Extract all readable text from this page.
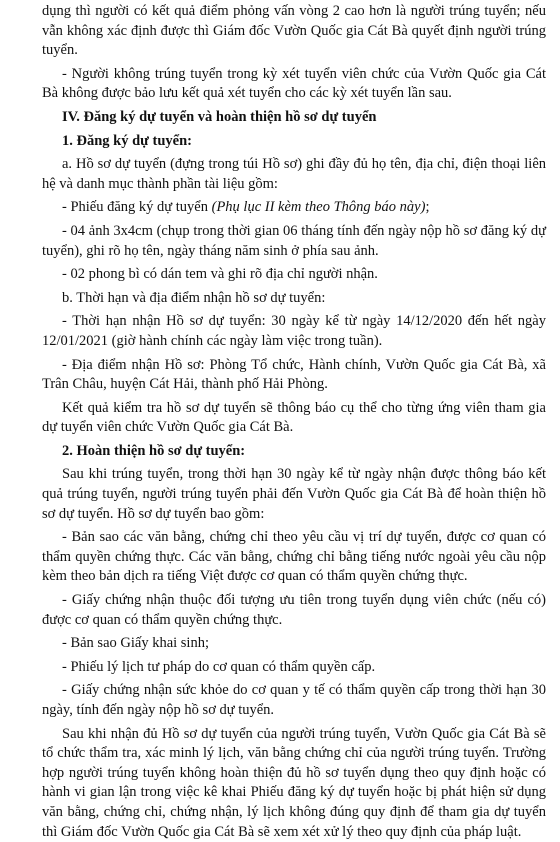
dụng thì người có kết quả điểm phỏng vấn vòng 2 cao hơn là người trúng tuyển; nếu vẫn không xác định được thì Giám đốc Vườn Quốc gia Cát Bà quyết định người trúng tuyển.

- Người không trúng tuyển trong kỳ xét tuyển viên chức của Vườn Quốc gia Cát Bà không được bảo lưu kết quả xét tuyển cho các kỳ xét tuyển lần sau.

IV. Đăng ký dự tuyển và hoàn thiện hồ sơ dự tuyển

1. Đăng ký dự tuyển:

a. Hồ sơ dự tuyển (đựng trong túi Hồ sơ) ghi đầy đủ họ tên, địa chỉ, điện thoại liên hệ và danh mục thành phần tài liệu gồm:

- Phiếu đăng ký dự tuyển (Phụ lục II kèm theo Thông báo này);

- 04 ảnh 3x4cm (chụp trong thời gian 06 tháng tính đến ngày nộp hồ sơ đăng ký dự tuyển), ghi rõ họ tên, ngày tháng năm sinh ở phía sau ảnh.

- 02 phong bì có dán tem và ghi rõ địa chỉ người nhận.

b. Thời hạn và địa điểm nhận hồ sơ dự tuyển:

- Thời hạn nhận Hồ sơ dự tuyển: 30 ngày kể từ ngày 14/12/2020 đến hết ngày 12/01/2021 (giờ hành chính các ngày làm việc trong tuần).

- Địa điểm nhận Hồ sơ: Phòng Tổ chức, Hành chính, Vườn Quốc gia Cát Bà, xã Trân Châu, huyện Cát Hải, thành phố Hải Phòng.

Kết quả kiểm tra hồ sơ dự tuyển sẽ thông báo cụ thể cho từng ứng viên tham gia dự tuyển viên chức Vườn Quốc gia Cát Bà.

2. Hoàn thiện hồ sơ dự tuyển:

Sau khi trúng tuyển, trong thời hạn 30 ngày kể từ ngày nhận được thông báo kết quả trúng tuyển, người trúng tuyển phải đến Vườn Quốc gia Cát Bà để hoàn thiện hồ sơ dự tuyển. Hồ sơ dự tuyển bao gồm:

- Bản sao các văn bằng, chứng chỉ theo yêu cầu vị trí dự tuyển, được cơ quan có thẩm quyền chứng thực. Các văn bằng, chứng chỉ bằng tiếng nước ngoài yêu cầu nộp kèm theo bản dịch ra tiếng Việt được cơ quan có thẩm quyền chứng thực.

- Giấy chứng nhận thuộc đối tượng ưu tiên trong tuyển dụng viên chức (nếu có) được cơ quan có thẩm quyền chứng thực.

- Bản sao Giấy khai sinh;

- Phiếu lý lịch tư pháp do cơ quan có thẩm quyền cấp.

- Giấy chứng nhận sức khỏe do cơ quan y tế có thẩm quyền cấp trong thời hạn 30 ngày, tính đến ngày nộp hồ sơ dự tuyển.

Sau khi nhận đủ Hồ sơ dự tuyển của người trúng tuyển, Vườn Quốc gia Cát Bà sẽ tổ chức thẩm tra, xác minh lý lịch, văn bằng chứng chỉ của người trúng tuyển. Trường hợp người trúng tuyển không hoàn thiện đủ hồ sơ tuyển dụng theo quy định hoặc có hành vi gian lận trong việc kê khai Phiếu đăng ký dự tuyển hoặc bị phát hiện sử dụng văn bằng, chứng chỉ, chứng nhận, lý lịch không đúng quy định để tham gia dự tuyển thì Giám đốc Vườn Quốc gia Cát Bà sẽ xem xét xử lý theo quy định của pháp luật.
